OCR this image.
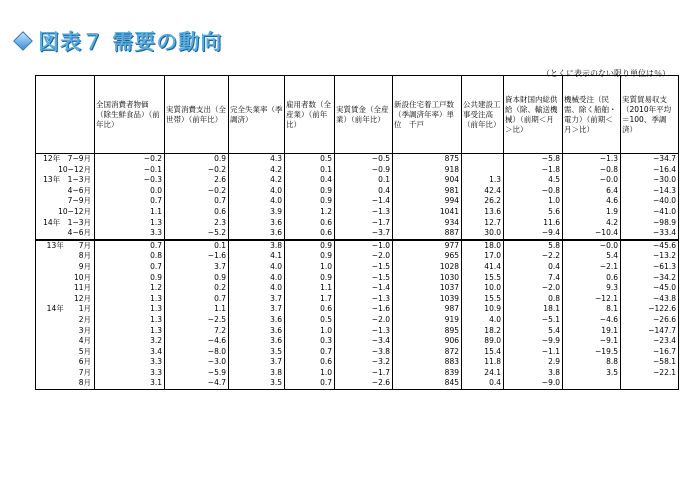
図表７ 需要の動向
（とくに表示のない限り単位は％）
	全国消費者物価（除生鮮食品）（前年比）	実質消費支出（全世帯）（前年比）	完全失業率（季調済）	雇用者数（全産業）（前年比）	実質賃金（全産業）（前年比）	新設住宅着工戸数（季調済年率）単位　千戸	公共建設工事受注高（前年比）	資本財国内総供給（除、輸送機械）（前期＜月＞比）	機械受注（民需、除く船舶・電力）（前期＜月＞比）	実質貿易収支（2010年平均＝100、季調済）
12年　7−9月	−0.2	0.9	4.3	0.5	−0.5	875		−5.8	−1.3	−34.7
10−12月	−0.1	−0.2	4.2	0.1	−0.9	918		−1.8	−0.8	−16.4
13年　1−3月	−0.3	2.6	4.2	0.4	0.1	904	1.3	4.5	−0.0	−30.0
4−6月	0.0	−0.2	4.0	0.9	0.4	981	42.4	−0.8	6.4	−14.3
7−9月	0.7	0.7	4.0	0.9	−1.4	994	26.2	1.0	4.6	−40.0
10−12月	1.1	0.6	3.9	1.2	−1.3	1041	13.6	5.6	1.9	−41.0
14年　1−3月	1.3	2.3	3.6	0.6	−1.7	934	12.7	11.6	4.2	−98.9
4−6月	3.3	−5.2	3.6	0.6	−3.7	887	30.0	−9.4	−10.4	−33.4
13年　　7月	0.7	0.1	3.8	0.9	−1.0	977	18.0	5.8	−0.0	−45.6
8月	0.8	−1.6	4.1	0.9	−2.0	965	17.0	−2.2	5.4	−13.2
9月	0.7	3.7	4.0	1.0	−1.5	1028	41.4	0.4	−2.1	−61.3
10月	0.9	0.9	4.0	0.9	−1.5	1030	15.5	7.4	0.6	−34.2
11月	1.2	0.2	4.0	1.1	−1.4	1037	10.0	−2.0	9.3	−45.0
12月	1.3	0.7	3.7	1.7	−1.3	1039	15.5	0.8	−12.1	−43.8
14年　　1月	1.3	1.1	3.7	0.6	−1.6	987	10.9	18.1	8.1	−122.6
2月	1.3	−2.5	3.6	0.5	−2.0	919	4.0	−5.1	−4.6	−26.6
3月	1.3	7.2	3.6	1.0	−1.3	895	18.2	5.4	19.1	−147.7
4月	3.2	−4.6	3.6	0.3	−3.4	906	89.0	−9.9	−9.1	−23.4
5月	3.4	−8.0	3.5	0.7	−3.8	872	15.4	−1.1	−19.5	−16.7
6月	3.3	−3.0	3.7	0.6	−3.2	883	11.8	2.9	8.8	−58.1
7月	3.3	−5.9	3.8	1.0	−1.7	839	24.1	3.8	3.5	−22.1
8月	3.1	−4.7	3.5	0.7	−2.6	845	0.4	−9.0		
